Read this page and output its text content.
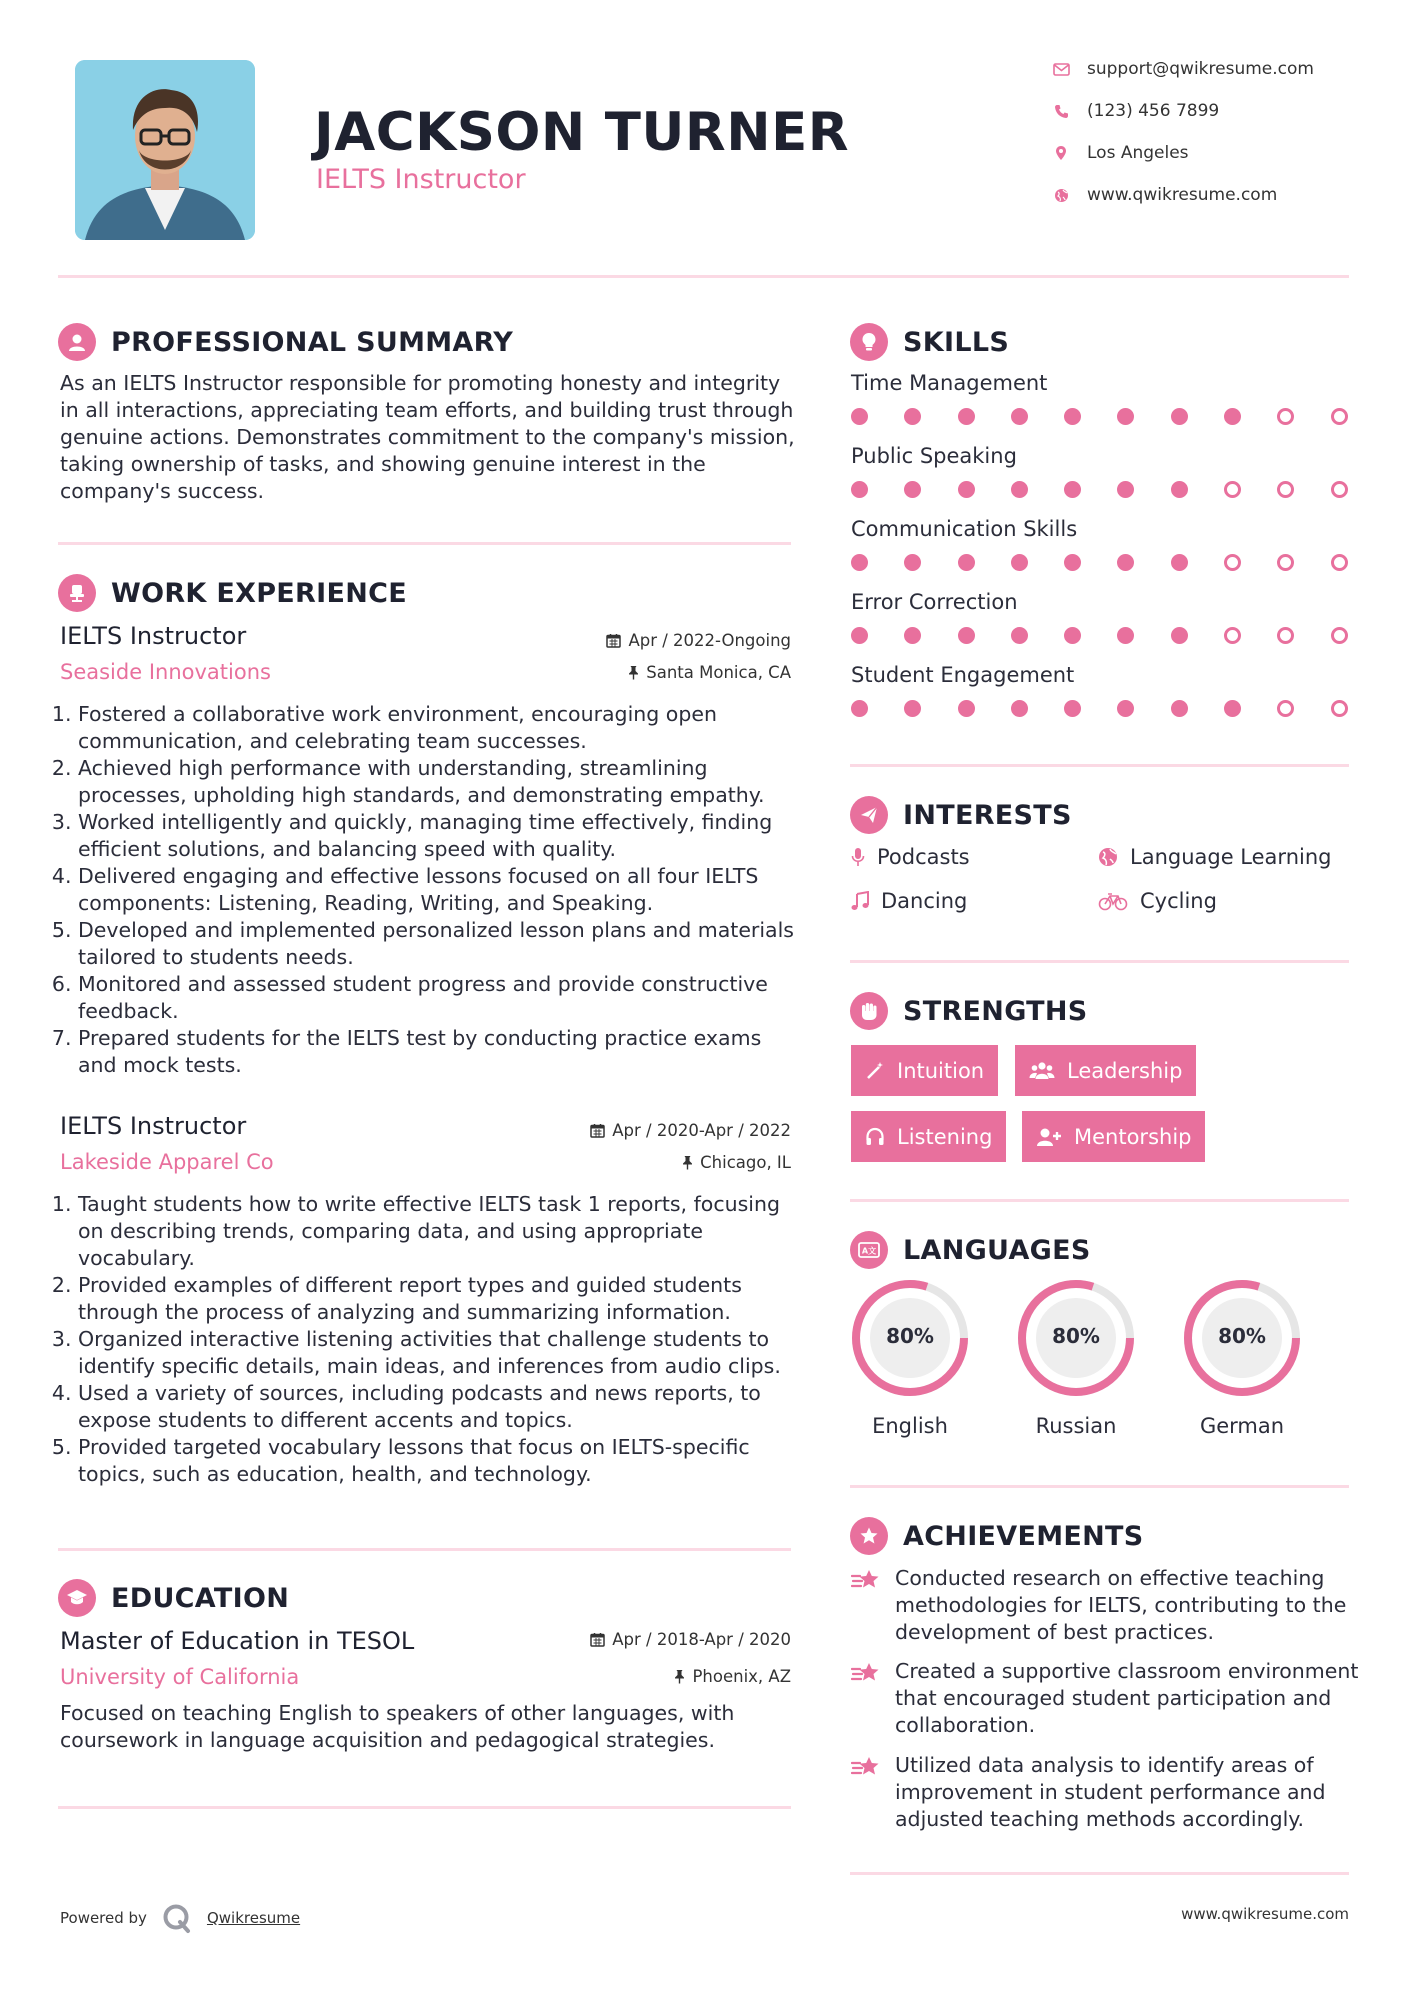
JACKSON TURNER
IELTS Instructor
support@qwikresume.com
(123) 456 7899
Los Angeles
www.qwikresume.com
PROFESSIONAL SUMMARY
As an IELTS Instructor responsible for promoting honesty and integrity in all interactions, appreciating team efforts, and building trust through genuine actions. Demonstrates commitment to the company's mission, taking ownership of tasks, and showing genuine interest in the company's success.
WORK EXPERIENCE
IELTS Instructor	Apr / 2022-Ongoing
Seaside Innovations	Santa Monica, CA
1. Fostered a collaborative work environment, encouraging open communication, and celebrating team successes.
2. Achieved high performance with understanding, streamlining processes, upholding high standards, and demonstrating empathy.
3. Worked intelligently and quickly, managing time effectively, finding efficient solutions, and balancing speed with quality.
4. Delivered engaging and effective lessons focused on all four IELTS components: Listening, Reading, Writing, and Speaking.
5. Developed and implemented personalized lesson plans and materials tailored to students needs.
6. Monitored and assessed student progress and provide constructive feedback.
7. Prepared students for the IELTS test by conducting practice exams and mock tests.
IELTS Instructor	Apr / 2020-Apr / 2022
Lakeside Apparel Co	Chicago, IL
1. Taught students how to write effective IELTS task 1 reports, focusing on describing trends, comparing data, and using appropriate vocabulary.
2. Provided examples of different report types and guided students through the process of analyzing and summarizing information.
3. Organized interactive listening activities that challenge students to identify specific details, main ideas, and inferences from audio clips.
4. Used a variety of sources, including podcasts and news reports, to expose students to different accents and topics.
5. Provided targeted vocabulary lessons that focus on IELTS-specific topics, such as education, health, and technology.
EDUCATION
Master of Education in TESOL	Apr / 2018-Apr / 2020
University of California	Phoenix, AZ
Focused on teaching English to speakers of other languages, with coursework in language acquisition and pedagogical strategies.
SKILLS
Time Management
Public Speaking
Communication Skills
Error Correction
Student Engagement
INTERESTS
Podcasts	Language Learning
Dancing	Cycling
STRENGTHS
Intuition	Leadership
Listening	Mentorship
A文 LANGUAGES
80%
English
80%
Russian
80%
German
ACHIEVEMENTS
Conducted research on effective teaching methodologies for IELTS, contributing to the development of best practices.
Created a supportive classroom environment that encouraged student participation and collaboration.
Utilized data analysis to identify areas of improvement in student performance and adjusted teaching methods accordingly.
Powered by	Qwikresume	www.qwikresume.com
